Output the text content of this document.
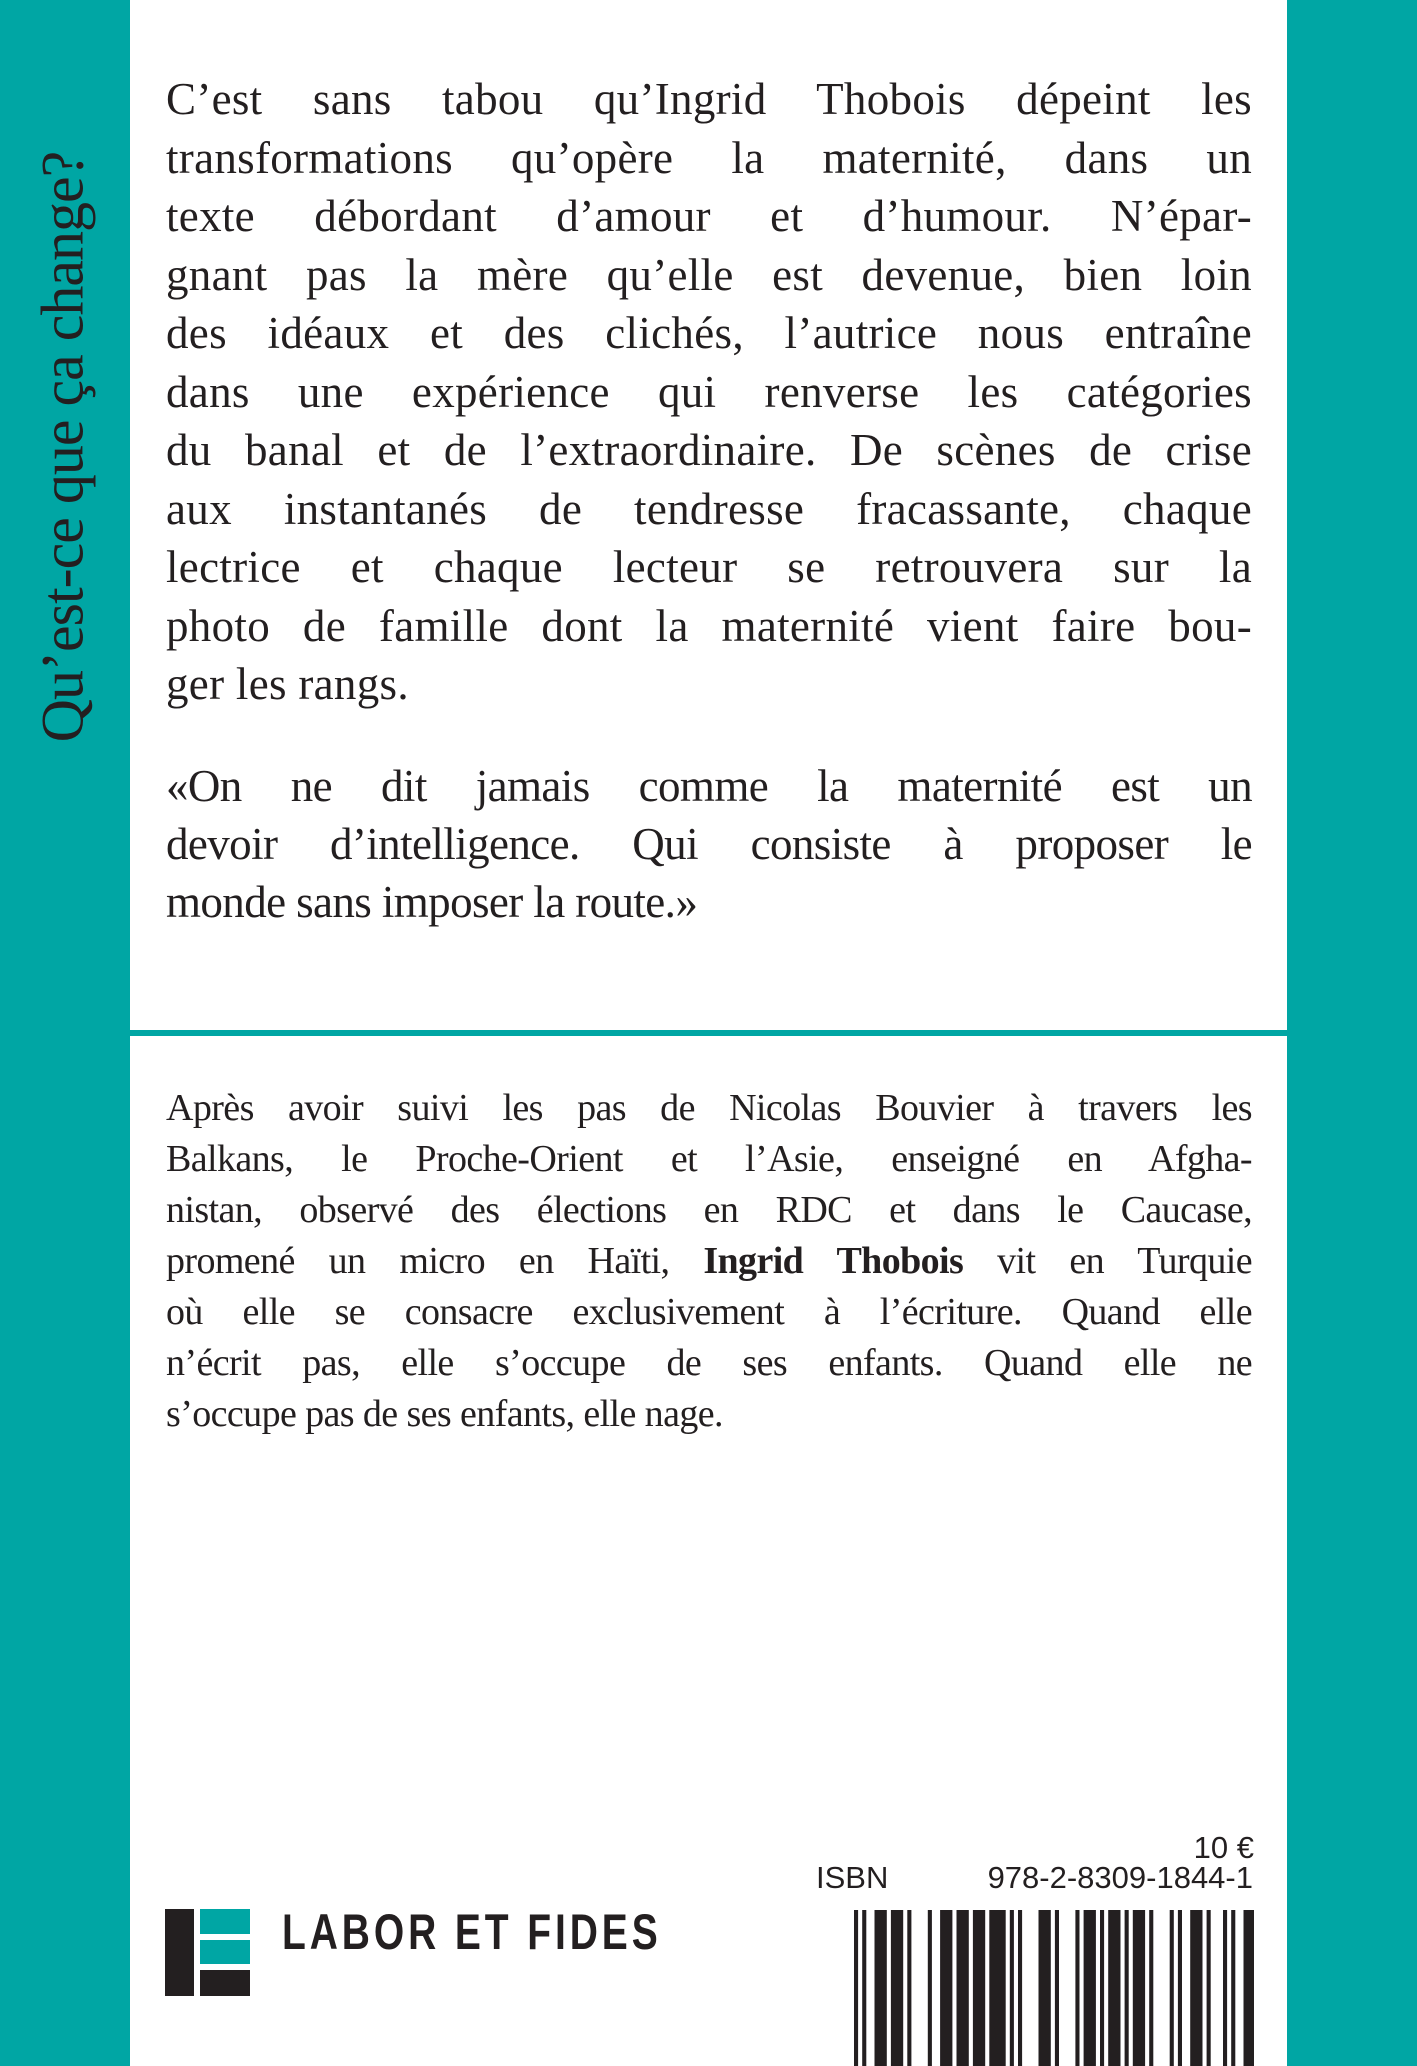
Qu’est-ce que ça change?
C’est sans tabou qu’Ingrid Thobois dépeint les
transformations qu’opère la maternité, dans un
texte débordant d’amour et d’humour. N’épar-
gnant pas la mère qu’elle est devenue, bien loin
des idéaux et des clichés, l’autrice nous entraîne
dans une expérience qui renverse les catégories
du banal et de l’extraordinaire. De scènes de crise
aux instantanés de tendresse fracassante, chaque
lectrice et chaque lecteur se retrouvera sur la
photo de famille dont la maternité vient faire bou-
ger les rangs.
«On ne dit jamais comme la maternité est un
devoir d’intelligence. Qui consiste à proposer le
monde sans imposer la route.»
Après avoir suivi les pas de Nicolas Bouvier à travers les
Balkans, le Proche-Orient et l’Asie, enseigné en Afgha-
nistan, observé des élections en RDC et dans le Caucase,
promené un micro en Haïti, Ingrid Thobois vit en Turquie
où elle se consacre exclusivement à l’écriture. Quand elle
n’écrit pas, elle s’occupe de ses enfants. Quand elle ne
s’occupe pas de ses enfants, elle nage.
10 €
ISBN	978-2-8309-1844-1
LABOR ET FIDES
